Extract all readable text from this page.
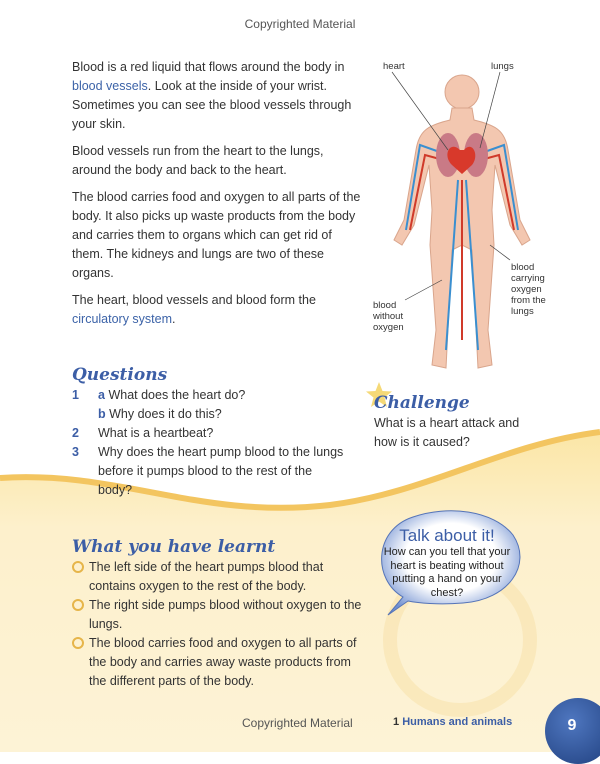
Copyrighted Material

Blood is a red liquid that flows around the body in blood vessels. Look at the inside of your wrist. Sometimes you can see the blood vessels through your skin.

Blood vessels run from the heart to the lungs, around the body and back to the heart.

The blood carries food and oxygen to all parts of the body. It also picks up waste products from the body and carries them to organs which can get rid of them. The kidneys and lungs are two of these organs.

The heart, blood vessels and blood form the circulatory system.

heart	lungs
blood carrying oxygen from the lungs
blood without oxygen
Questions
1 a What does the heart do?
b Why does it do this?
2 What is a heartbeat?
3 Why does the heart pump blood to the lungs before it pumps blood to the rest of the body?
Challenge
What is a heart attack and how is it caused?
What you have learnt
The left side of the heart pumps blood that contains oxygen to the rest of the body.
The right side pumps blood without oxygen to the lungs.
The blood carries food and oxygen to all parts of the body and carries away waste products from the different parts of the body.
Talk about it!
How can you tell that your heart is beating without putting a hand on your chest?
Copyrighted Material	1 Humans and animals	9
